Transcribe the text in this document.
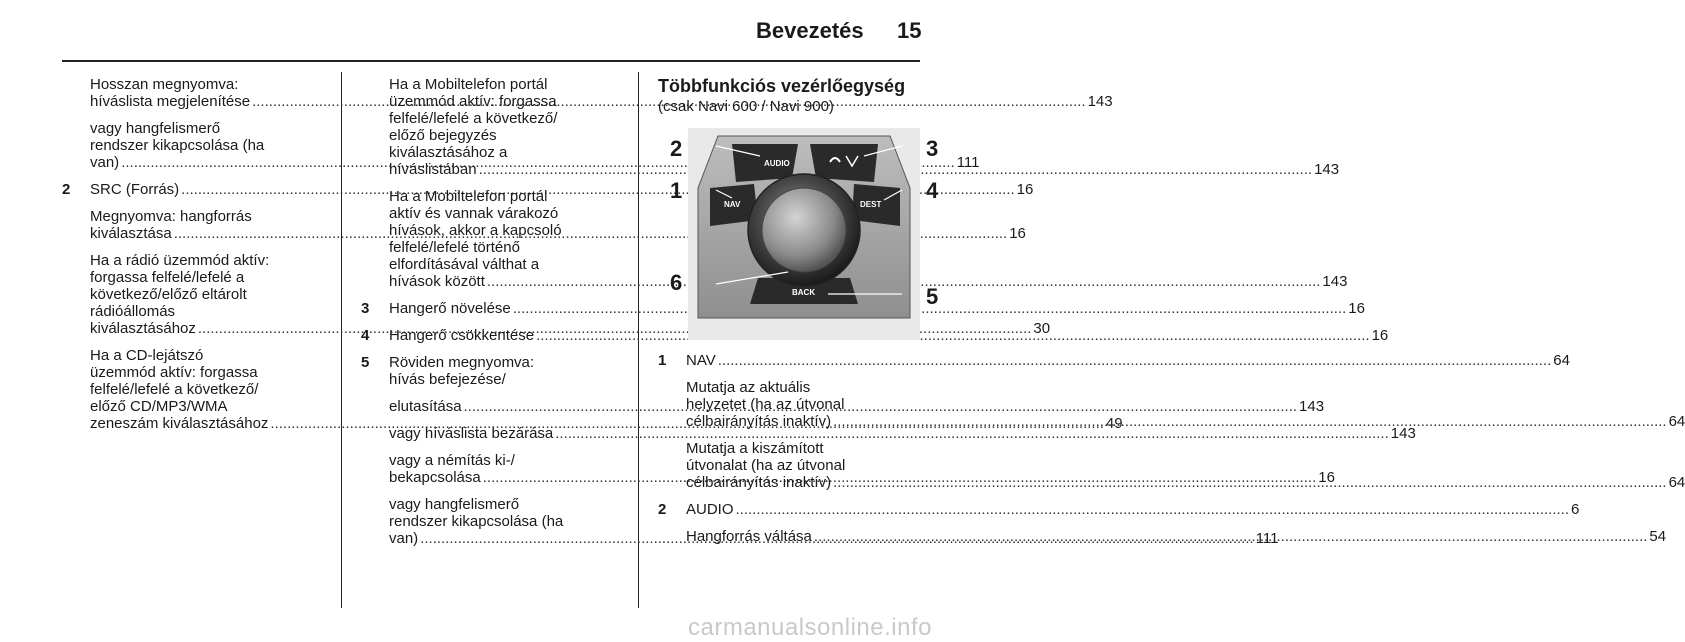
Bevezetés 15
Hosszan megnyomva:
híváslista megjelenítése .....	143
vagy hangfelismerő
rendszer kikapcsolása (ha
van) .....	111
2	SRC (Forrás) .....	16
Megnyomva: hangforrás
kiválasztása .....	16
Ha a rádió üzemmód aktív:
forgassa felfelé/lefelé a
következő/előző eltárolt
rádióállomás
kiválasztásához .....	30
Ha a CD-lejátszó
üzemmód aktív: forgassa
felfelé/lefelé a következő/
előző CD/MP3/WMA
zeneszám kiválasztásához .....	49
Ha a Mobiltelefon portál
üzemmód aktív: forgassa
felfelé/lefelé a következő/
előző bejegyzés
kiválasztásához a
híváslistában .....	143
Ha a Mobiltelefon portál
aktív és vannak várakozó
hívások, akkor a kapcsoló
felfelé/lefelé történő
elfordításával válthat a
hívások között .....	143
3	Hangerő növelése .....	16
4	Hangerő csökkentése .....	16
5	Röviden megnyomva:
hívás befejezése/
elutasítása .....	143
vagy híváslista bezárása .....	143
vagy a némítás ki-/
bekapcsolása .....	16
vagy hangfelismerő
rendszer kikapcsolása (ha
van) .....	111
Többfunkciós vezérlőegység
(csak Navi 600 / Navi 900)
AUDIO
NAV	DEST
BACK
1
2	3
4
5
6
1	NAV .....	64
Mutatja az aktuális
helyzetet (ha az útvonal
célbairányítás inaktív) .....	64
Mutatja a kiszámított
útvonalat (ha az útvonal
célbairányítás inaktív) .....	64
2	AUDIO .....	6
Hangforrás váltása .....	54
carmanualsonline.info
